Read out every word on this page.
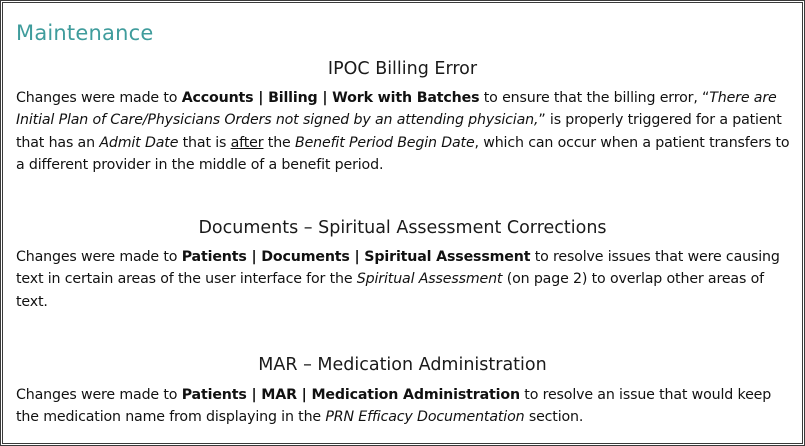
Maintenance
IPOC Billing Error
Changes were made to Accounts | Billing | Work with Batches to ensure that the billing error, “There are Initial Plan of Care/Physicians Orders not signed by an attending physician,” is properly triggered for a patient that has an Admit Date that is after the Benefit Period Begin Date, which can occur when a patient transfers to a different provider in the middle of a benefit period.
Documents – Spiritual Assessment Corrections
Changes were made to Patients | Documents | Spiritual Assessment to resolve issues that were causing text in certain areas of the user interface for the Spiritual Assessment (on page 2) to overlap other areas of text.
MAR – Medication Administration
Changes were made to Patients | MAR | Medication Administration to resolve an issue that would keep the medication name from displaying in the PRN Efficacy Documentation section.
